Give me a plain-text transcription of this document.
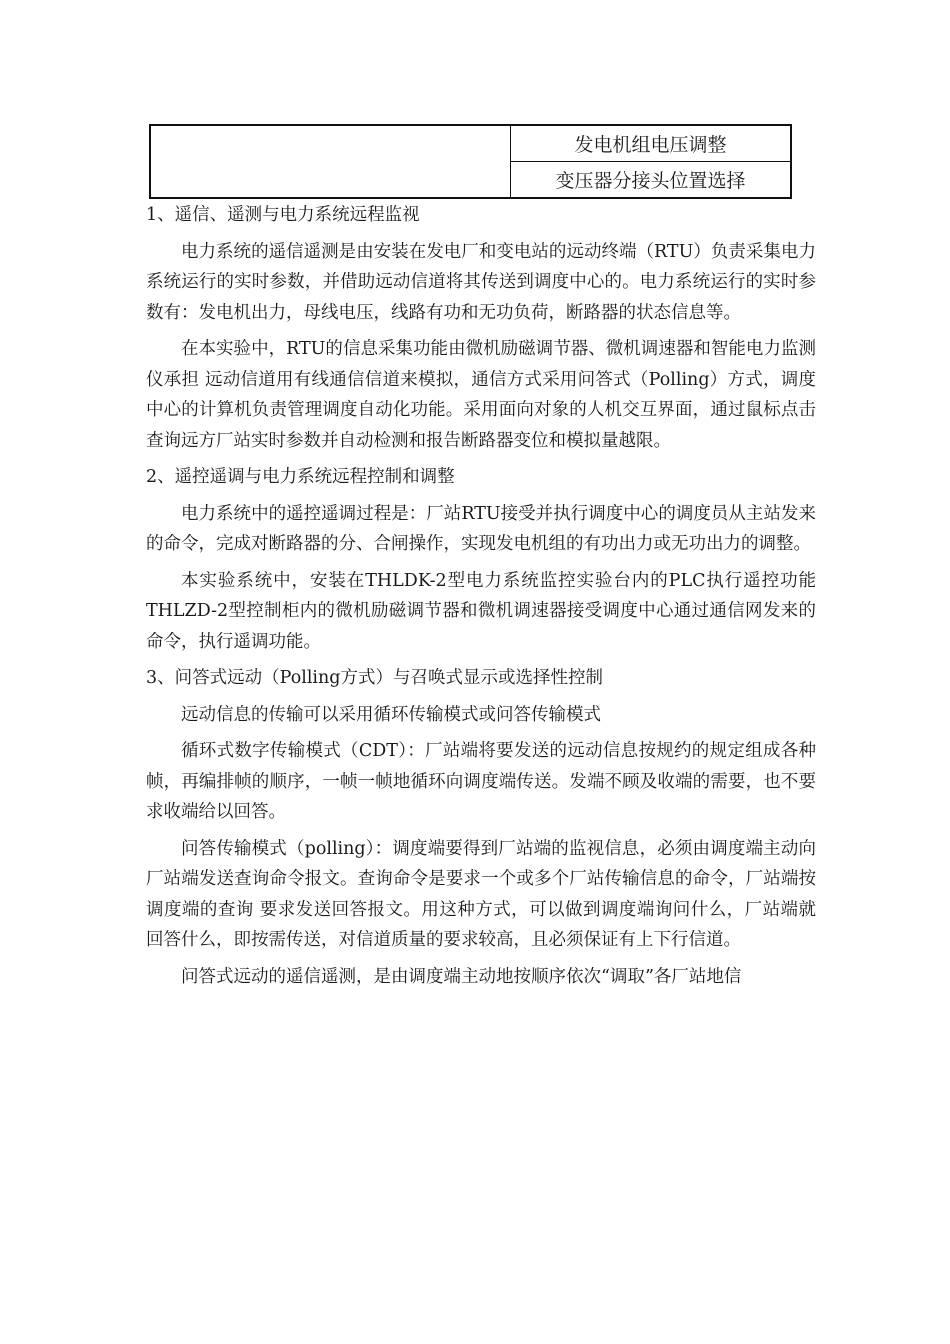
发电机组电压调整
变压器分接头位置选择

1、遥信、遥测与电力系统远程监视

电力系统的遥信遥测是由安装在发电厂和变电站的远动终端（RTU）负责采集电力系统运行的实时参数，并借助远动信道将其传送到调度中心的。电力系统运行的实时参数有：发电机出力，母线电压，线路有功和无功负荷，断路器的状态信息等。

在本实验中，RTU的信息采集功能由微机励磁调节器、微机调速器和智能电力监测仪承担 远动信道用有线通信信道来模拟，通信方式采用问答式（Polling）方式，调度中心的计算机负责管理调度自动化功能。采用面向对象的人机交互界面，通过鼠标点击查询远方厂站实时参数并自动检测和报告断路器变位和模拟量越限。

2、遥控遥调与电力系统远程控制和调整

电力系统中的遥控遥调过程是：厂站RTU接受并执行调度中心的调度员从主站发来的命令，完成对断路器的分、合闸操作，实现发电机组的有功出力或无功出力的调整。

本实验系统中，安装在THLDK-2型电力系统监控实验台内的PLC执行遥控功能 THLZD-2型控制柜内的微机励磁调节器和微机调速器接受调度中心通过通信网发来的命令，执行遥调功能。

3、问答式远动（Polling方式）与召唤式显示或选择性控制

远动信息的传输可以采用循环传输模式或问答传输模式

循环式数字传输模式（CDT）：厂站端将要发送的远动信息按规约的规定组成各种帧，再编排帧的顺序，一帧一帧地循环向调度端传送。发端不顾及收端的需要，也不要求收端给以回答。

问答传输模式（polling）：调度端要得到厂站端的监视信息，必须由调度端主动向厂站端发送查询命令报文。查询命令是要求一个或多个厂站传输信息的命令，厂站端按调度端的查询 要求发送回答报文。用这种方式，可以做到调度端询问什么，厂站端就回答什么，即按需传送，对信道质量的要求较高，且必须保证有上下行信道。

问答式远动的遥信遥测，是由调度端主动地按顺序依次“调取”各厂站地信
